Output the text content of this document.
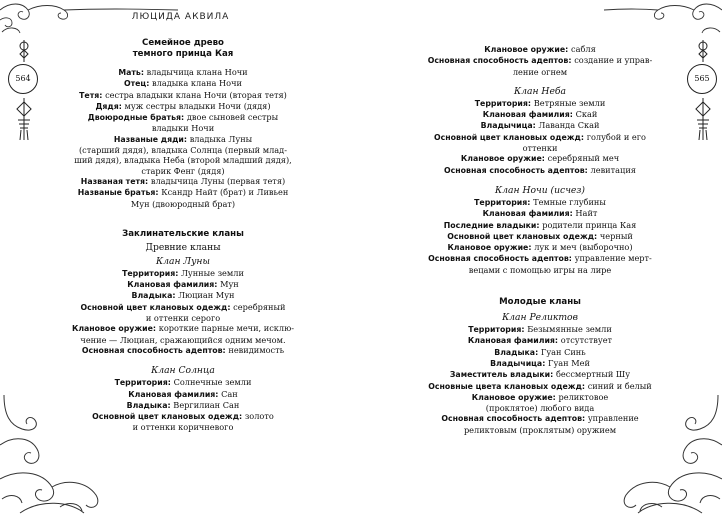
ЛЮЦИДА АКВИЛА
564
Семейное древо
темного принца Кая
Мать: владычица клана Ночи
Отец: владыка клана Ночи
Тетя: сестра владыки клана Ночи (вторая тетя)
Дядя: муж сестры владыки Ночи (дядя)
Двоюродные братья: двое сыновей сестры
владыки Ночи
Названые дяди: владыка Луны
(старший дядя), владыка Солнца (первый млад-
ший дядя), владыка Неба (второй младший дядя),
старик Фенг (дядя)
Названая тетя: владычица Луны (первая тетя)
Названые братья: Ксандр Найт (брат) и Ливьен
Мун (двоюродный брат)
Заклинательские кланы
Древние кланы
Клан Луны
Территория: Лунные земли
Клановая фамилия: Мун
Владыка: Люциан Мун
Основной цвет клановых одежд: серебряный
и оттенки серого
Клановое оружие: короткие парные мечи, исклю-
чение — Люциан, сражающийся одним мечом.
Основная способность адептов: невидимость
Клан Солнца
Территория: Солнечные земли
Клановая фамилия: Сан
Владыка: Вергилиан Сан
Основной цвет клановых одежд: золото
и оттенки коричневого
565
Клановое оружие: сабля
Основная способность адептов: создание и управ-
ление огнем
Клан Неба
Территория: Ветряные земли
Клановая фамилия: Скай
Владычица: Лаванда Скай
Основной цвет клановых одежд: голубой и его
оттенки
Клановое оружие: серебряный меч
Основная способность адептов: левитация
Клан Ночи (исчез)
Территория: Темные глубины
Клановая фамилия: Найт
Последние владыки: родители принца Кая
Основной цвет клановых одежд: черный
Клановое оружие: лук и меч (выборочно)
Основная способность адептов: управление мерт-
вецами с помощью игры на лире
Молодые кланы
Клан Реликтов
Территория: Безымянные земли
Клановая фамилия: отсутствует
Владыка: Гуан Синь
Владычица: Гуан Мей
Заместитель владыки: бессмертный Шу
Основные цвета клановых одежд: синий и белый
Клановое оружие: реликтовое
(проклятое) любого вида
Основная способность адептов: управление
реликтовым (проклятым) оружием
